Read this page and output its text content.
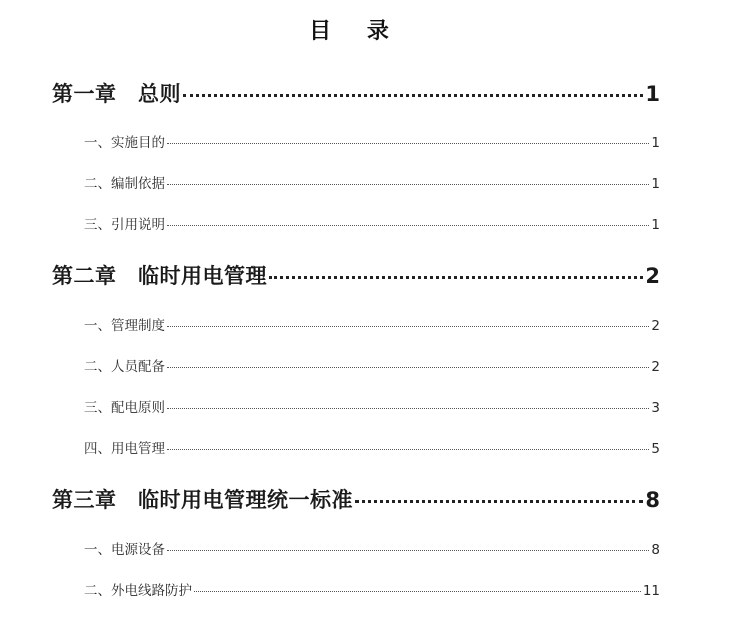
目 录
第一章　总则	1
一、实施目的	1
二、编制依据	1
三、引用说明	1
第二章　临时用电管理	2
一、管理制度	2
二、人员配备	2
三、配电原则	3
四、用电管理	5
第三章　临时用电管理统一标准	8
一、电源设备	8
二、外电线路防护	11
